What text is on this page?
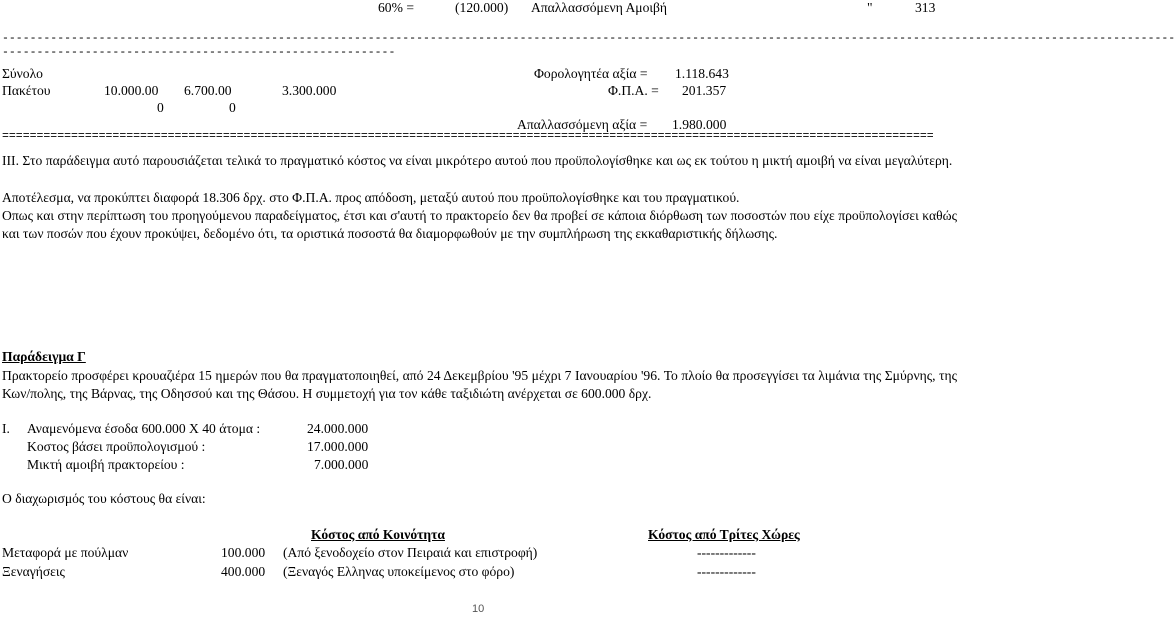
60% =	(120.000) Απαλλασσόμενη Αμοιβή	"	313
--------------------------------------------------------------------------------------------------------------------------------------------------------------------------
---------------------------------------------------------
Σύνολο	Φορολογητέα αξία = 1.118.643
Πακέτου	10.000.00 6.700.00	3.300.000	Φ.Π.Α. = 201.357
0	0
Απαλλασσόμενη αξία = 1.980.000
=======================================================================================================================================
ΙΙΙ. Στο παράδειγμα αυτό παρουσιάζεται τελικά το πραγματικό κόστος να είναι μικρότερο αυτού που προϋπολογίσθηκε και ως εκ τούτου η μικτή αμοιβή να είναι μεγαλύτερη.
Αποτέλεσμα, να προκύπτει διαφορά 18.306 δρχ. στο Φ.Π.Α. προς απόδοση, μεταξύ αυτού που προϋπολογίσθηκε και του πραγματικού.
Οπως και στην περίπτωση του προηγούμενου παραδείγματος, έτσι και σ'αυτή το πρακτορείο δεν θα προβεί σε κάποια διόρθωση των ποσοστών που είχε προϋπολογίσει καθώς και των ποσών που έχουν προκύψει, δεδομένο ότι, τα οριστικά ποσοστά θα διαμορφωθούν με την συμπλήρωση της εκκαθαριστικής δήλωσης.
Παράδειγμα Γ
Πρακτορείο προσφέρει κρουαζιέρα 15 ημερών που θα πραγματοποιηθεί, από 24 Δεκεμβρίου '95 μέχρι 7 Ιανουαρίου '96. Το πλοίο θα προσεγγίσει τα λιμάνια της Σμύρνης, της Κων/πολης, της Βάρνας, της Οδησσού και της Θάσου. Η συμμετοχή για τον κάθε ταξιδιώτη ανέρχεται σε 600.000 δρχ.
Ι. Αναμενόμενα έσοδα 600.000 Χ 40 άτομα :	24.000.000
Κοστος βάσει προϋπολογισμού :	17.000.000
Μικτή αμοιβή πρακτορείου :	7.000.000
Ο διαχωρισμός του κόστους θα είναι:
Κόστος από Κοινότητα	Κόστος από Τρίτες Χώρες
Μεταφορά με πούλμαν	100.000 (Από ξενοδοχείο στον Πειραιά και επιστροφή)	-------------
Ξεναγήσεις	400.000 (Ξεναγός Ελληνας υποκείμενος στο φόρο)	-------------
10
